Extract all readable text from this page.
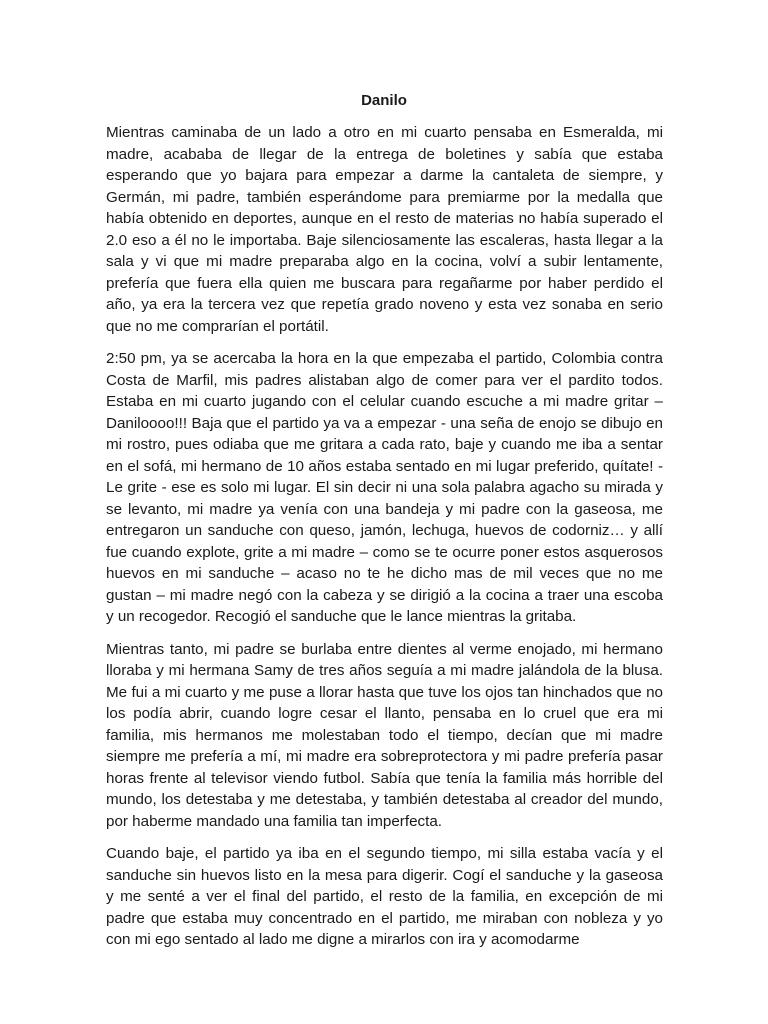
Danilo

Mientras caminaba de un lado a otro en mi cuarto pensaba en Esmeralda, mi madre, acababa de llegar de la entrega de boletines y sabía que estaba esperando que yo bajara para empezar a darme la cantaleta de siempre, y Germán, mi padre, también esperándome para premiarme por la medalla que había obtenido en deportes, aunque en el resto de materias no había superado el 2.0 eso a él no le importaba. Baje silenciosamente las escaleras, hasta llegar a la sala y vi que mi madre preparaba algo en la cocina, volví a subir lentamente, prefería que fuera ella quien me buscara para regañarme por haber perdido el año, ya era la tercera vez que repetía grado noveno y esta vez sonaba en serio que no me comprarían el portátil.

2:50 pm, ya se acercaba la hora en la que empezaba el partido, Colombia contra Costa de Marfil, mis padres alistaban algo de comer para ver el pardito todos. Estaba en mi cuarto jugando con el celular cuando escuche a mi madre gritar – Daniloooo!!! Baja que el partido ya va a empezar - una seña de enojo se dibujo en mi rostro, pues odiaba que me gritara a cada rato, baje y cuando me iba a sentar en el sofá, mi hermano de 10 años estaba sentado en mi lugar preferido, quítate! - Le grite - ese es solo mi lugar. El sin decir ni una sola palabra agacho su mirada y se levanto, mi madre ya venía con una bandeja y mi padre con la gaseosa, me entregaron un sanduche con queso, jamón, lechuga, huevos de codorniz… y allí fue cuando explote, grite a mi madre – como se te ocurre poner estos asquerosos huevos en mi sanduche – acaso no te he dicho mas de mil veces que no me gustan – mi madre negó con la cabeza y se dirigió a la cocina a traer una escoba y un recogedor. Recogió el sanduche que le lance mientras la gritaba.

Mientras tanto, mi padre se burlaba entre dientes al verme enojado, mi hermano lloraba y mi hermana Samy de tres años seguía a mi madre jalándola de la blusa. Me fui a mi cuarto y me puse a llorar hasta que tuve los ojos tan hinchados que no los podía abrir, cuando logre cesar el llanto, pensaba en lo cruel que era mi familia, mis hermanos me molestaban todo el tiempo, decían que mi madre siempre me prefería a mí, mi madre era sobreprotectora y mi padre prefería pasar horas frente al televisor viendo futbol. Sabía que tenía la familia más horrible del mundo, los detestaba y me detestaba, y también detestaba al creador del mundo, por haberme mandado una familia tan imperfecta.

Cuando baje, el partido ya iba en el segundo tiempo, mi silla estaba vacía y el sanduche sin huevos listo en la mesa para digerir. Cogí el sanduche y la gaseosa y me senté a ver el final del partido, el resto de la familia, en excepción de mi padre que estaba muy concentrado en el partido, me miraban con nobleza y yo con mi ego sentado al lado me digne a mirarlos con ira y acomodarme
